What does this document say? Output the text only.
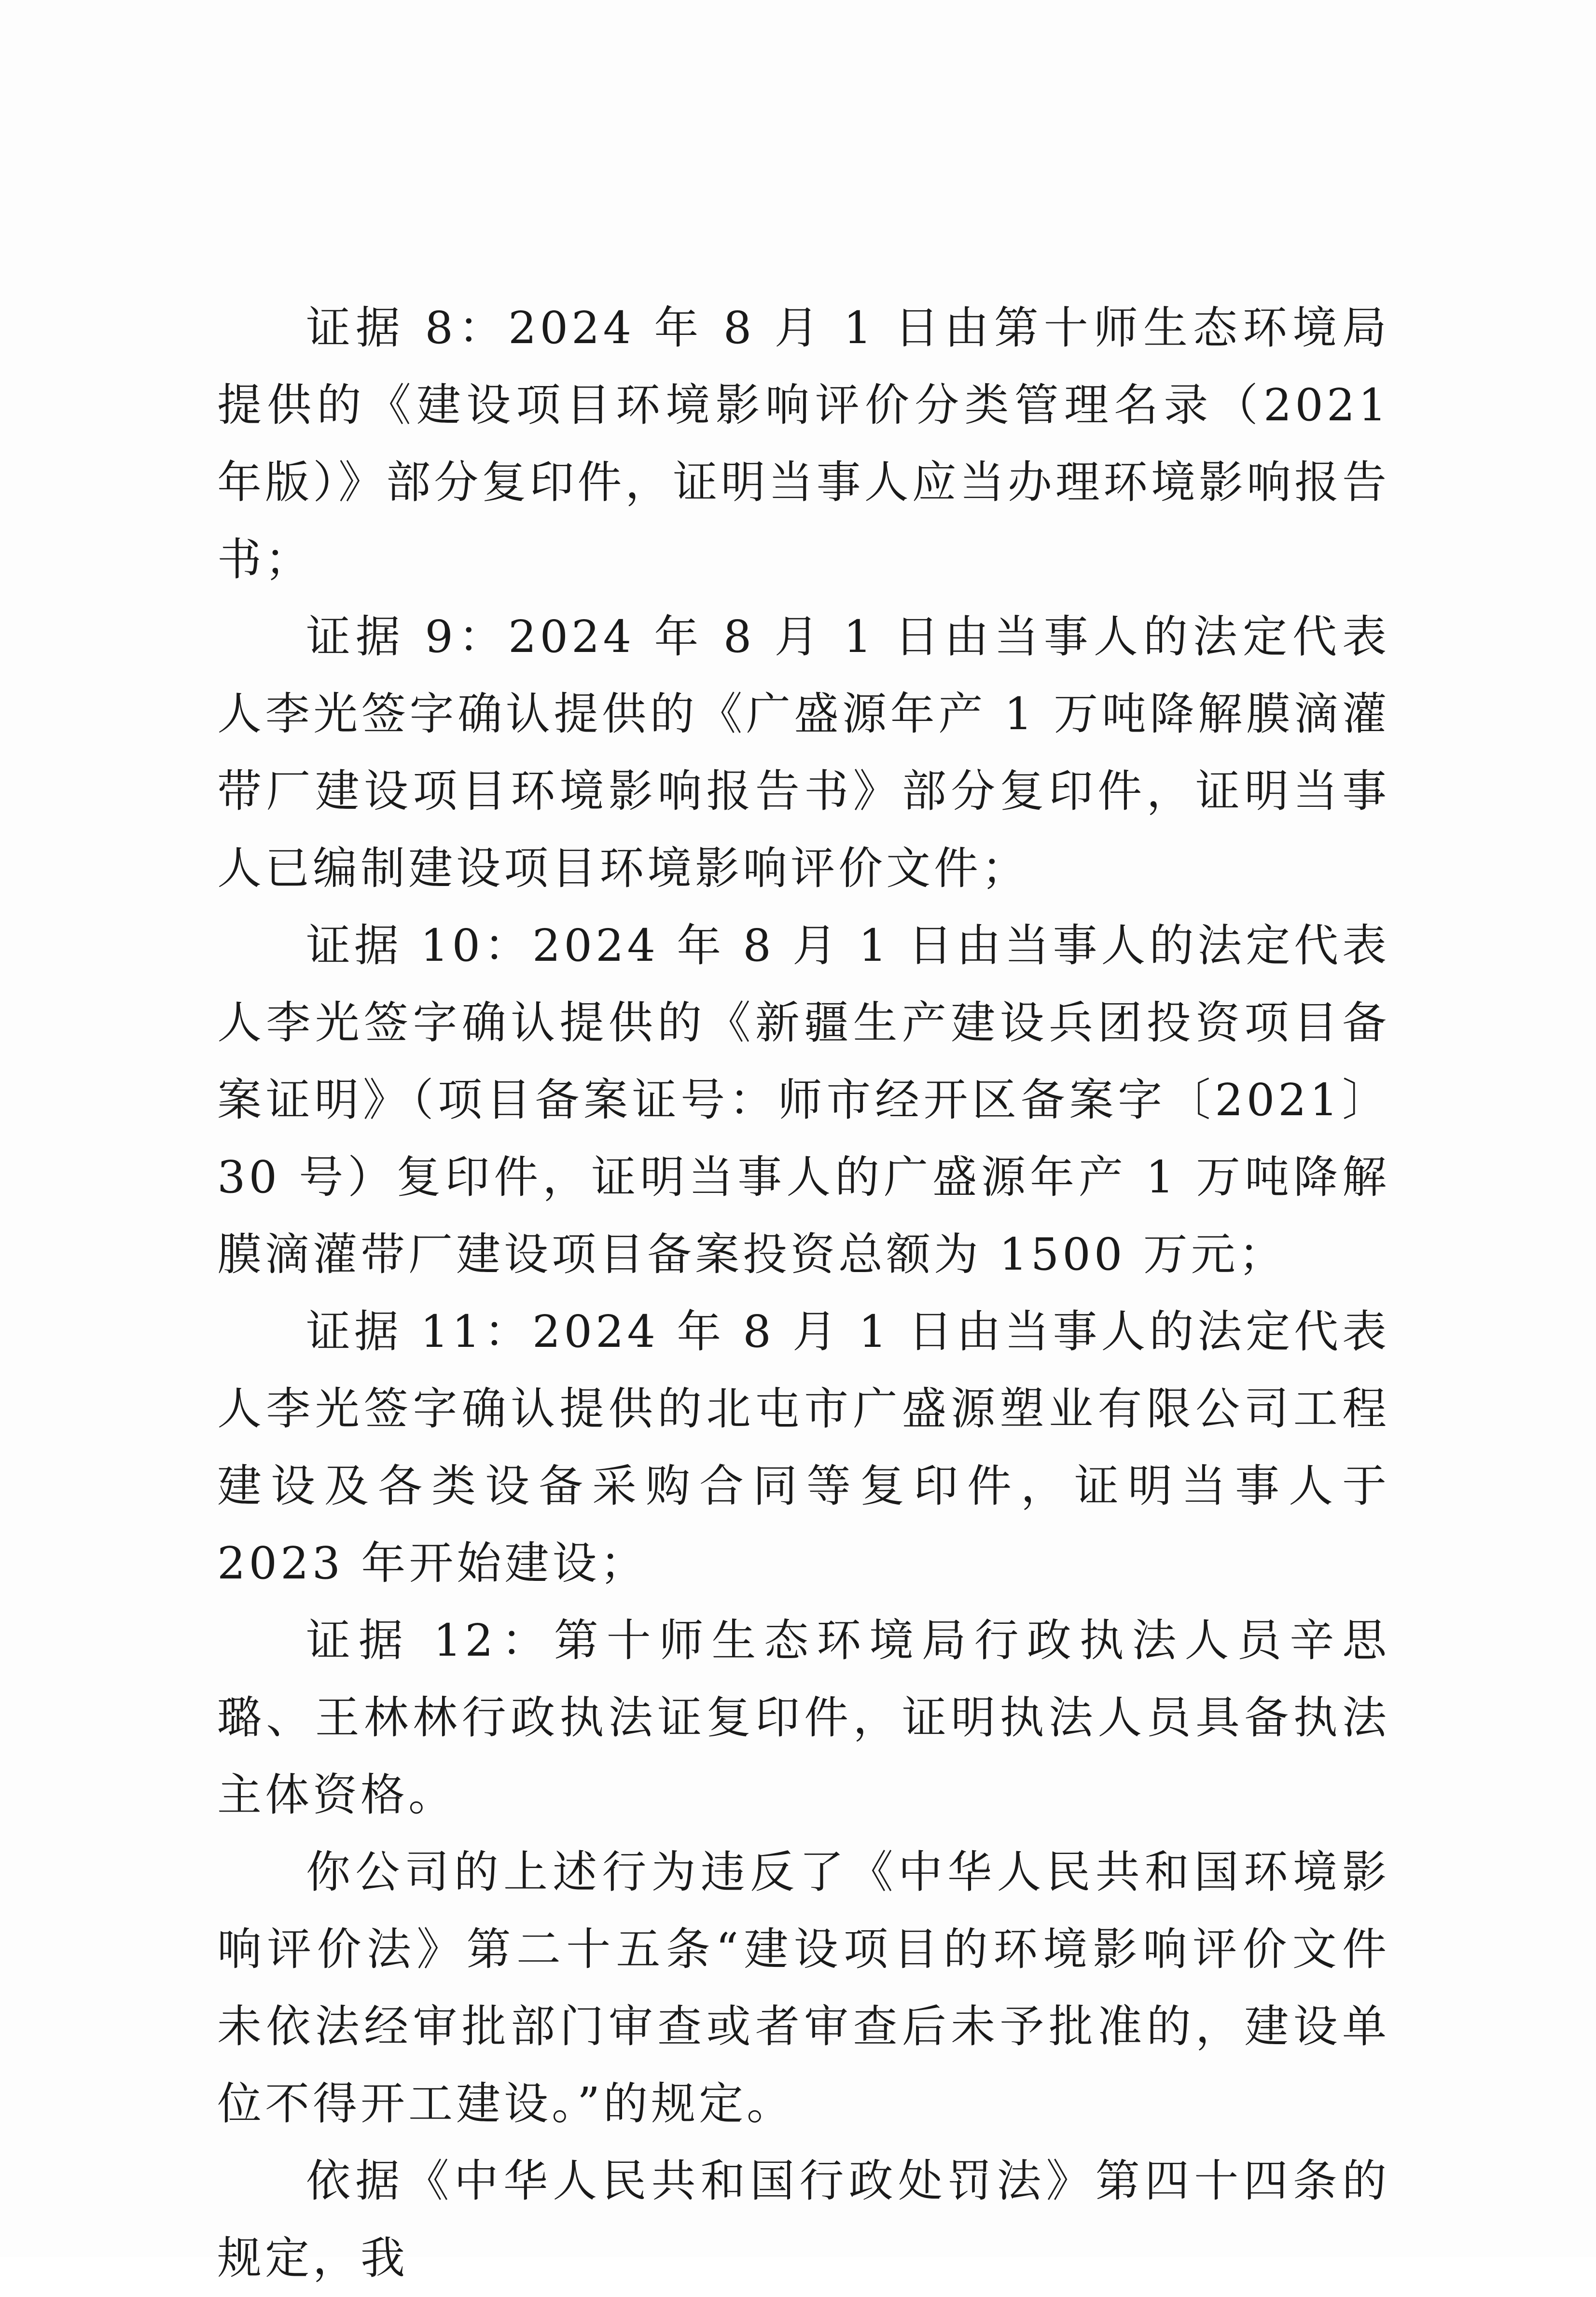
证据 8：2024 年 8 月 1 日由第十师生态环境局提供的《建设项目环境影响评价分类管理名录（2021 年版）》部分复印件，证明当事人应当办理环境影响报告书；

证据 9：2024 年 8 月 1 日由当事人的法定代表人李光签字确认提供的《广盛源年产 1 万吨降解膜滴灌带厂建设项目环境影响报告书》部分复印件，证明当事人已编制建设项目环境影响评价文件；

证据 10：2024 年 8 月 1 日由当事人的法定代表人李光签字确认提供的《新疆生产建设兵团投资项目备案证明》（项目备案证号：师市经开区备案字〔2021〕30 号）复印件，证明当事人的广盛源年产 1 万吨降解膜滴灌带厂建设项目备案投资总额为 1500 万元；

证据 11：2024 年 8 月 1 日由当事人的法定代表人李光签字确认提供的北屯市广盛源塑业有限公司工程建设及各类设备采购合同等复印件，证明当事人于 2023 年开始建设；

证据 12：第十师生态环境局行政执法人员辛思璐、王林林行政执法证复印件，证明执法人员具备执法主体资格。

你公司的上述行为违反了《中华人民共和国环境影响评价法》第二十五条“建设项目的环境影响评价文件未依法经审批部门审查或者审查后未予批准的，建设单位不得开工建设。”的规定。

依据《中华人民共和国行政处罚法》第四十四条的规定，我
